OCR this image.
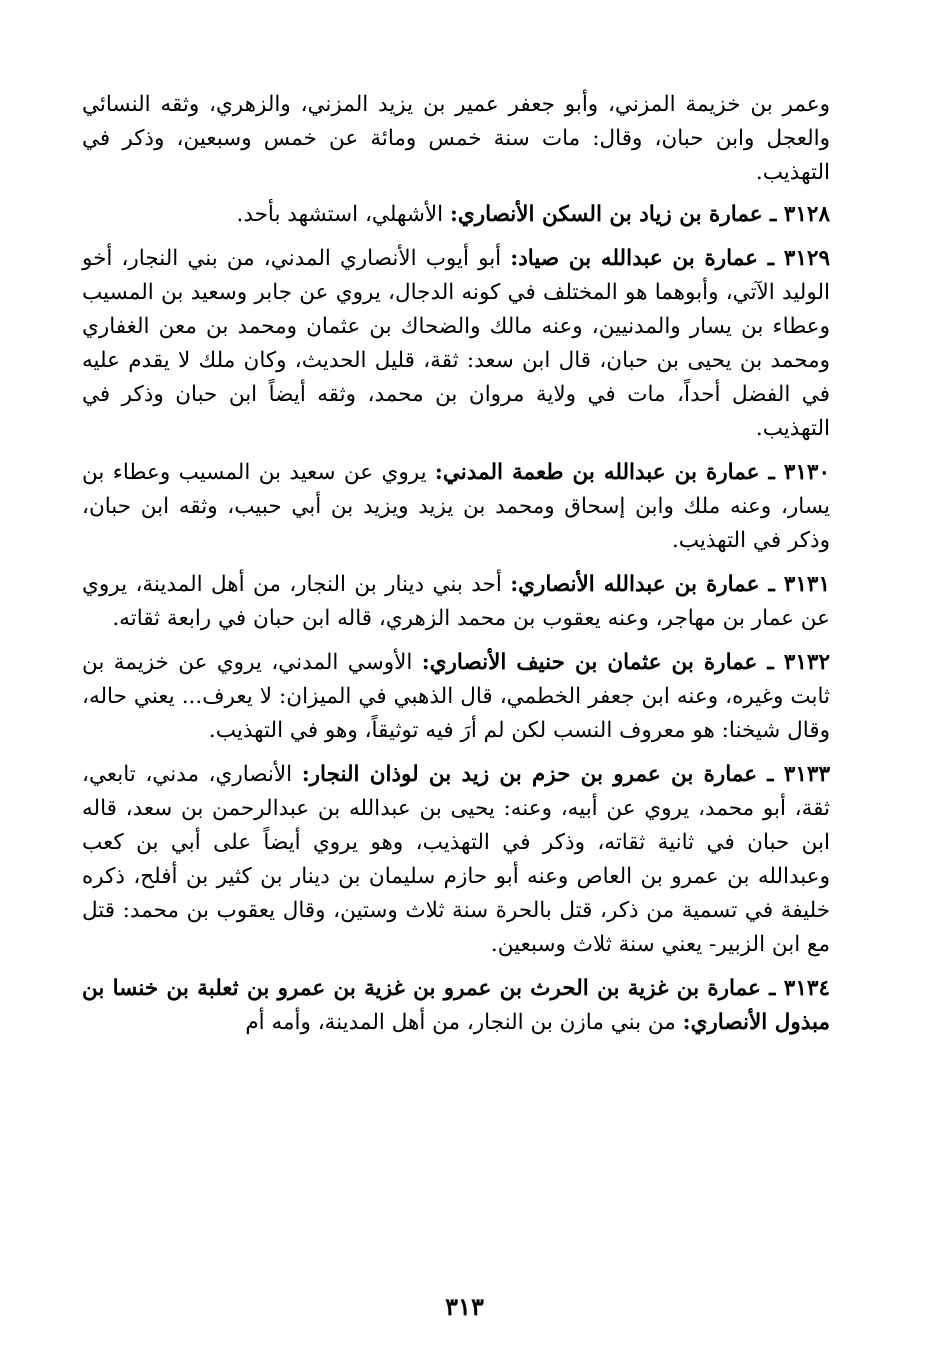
وعمر بن خزيمة المزني، وأبو جعفر عمير بن يزيد المزني، والزهري، وثقه النسائي والعجل وابن حبان، وقال: مات سنة خمس ومائة عن خمس وسبعين، وذكر في التهذيب.

٣١٢٨ ـ عمارة بن زياد بن السكن الأنصاري: الأشهلي، استشهد بأحد.

٣١٢٩ ـ عمارة بن عبدالله بن صياد: أبو أيوب الأنصاري المدني، من بني النجار، أخو الوليد الآتي، وأبوهما هو المختلف في كونه الدجال، يروي عن جابر وسعيد بن المسيب وعطاء بن يسار والمدنيين، وعنه مالك والضحاك بن عثمان ومحمد بن معن الغفاري ومحمد بن يحيى بن حبان، قال ابن سعد: ثقة، قليل الحديث، وكان ملك لا يقدم عليه في الفضل أحداً، مات في ولاية مروان بن محمد، وثقه أيضاً ابن حبان وذكر في التهذيب.

٣١٣٠ ـ عمارة بن عبدالله بن طعمة المدني: يروي عن سعيد بن المسيب وعطاء بن يسار، وعنه ملك وابن إسحاق ومحمد بن يزيد ويزيد بن أبي حبيب، وثقه ابن حبان، وذكر في التهذيب.

٣١٣١ ـ عمارة بن عبدالله الأنصاري: أحد بني دينار بن النجار، من أهل المدينة، يروي عن عمار بن مهاجر، وعنه يعقوب بن محمد الزهري، قاله ابن حبان في رابعة ثقاته.

٣١٣٢ ـ عمارة بن عثمان بن حنيف الأنصاري: الأوسي المدني، يروي عن خزيمة بن ثابت وغيره، وعنه ابن جعفر الخطمي، قال الذهبي في الميزان: لا يعرف... يعني حاله، وقال شيخنا: هو معروف النسب لكن لم أرَ فيه توثيقاً، وهو في التهذيب.

٣١٣٣ ـ عمارة بن عمرو بن حزم بن زيد بن لوذان النجار: الأنصاري، مدني، تابعي، ثقة، أبو محمد، يروي عن أبيه، وعنه: يحيى بن عبدالله بن عبدالرحمن بن سعد، قاله ابن حبان في ثانية ثقاته، وذكر في التهذيب، وهو يروي أيضاً على أبي بن كعب وعبدالله بن عمرو بن العاص وعنه أبو حازم سليمان بن دينار بن كثير بن أفلح، ذكره خليفة في تسمية من ذكر، قتل بالحرة سنة ثلاث وستين، وقال يعقوب بن محمد: قتل مع ابن الزبير- يعني سنة ثلاث وسبعين.

٣١٣٤ ـ عمارة بن غزية بن الحرث بن عمرو بن غزية بن عمرو بن ثعلبة بن خنسا بن مبذول الأنصاري: من بني مازن بن النجار، من أهل المدينة، وأمه أم

٣١٣
